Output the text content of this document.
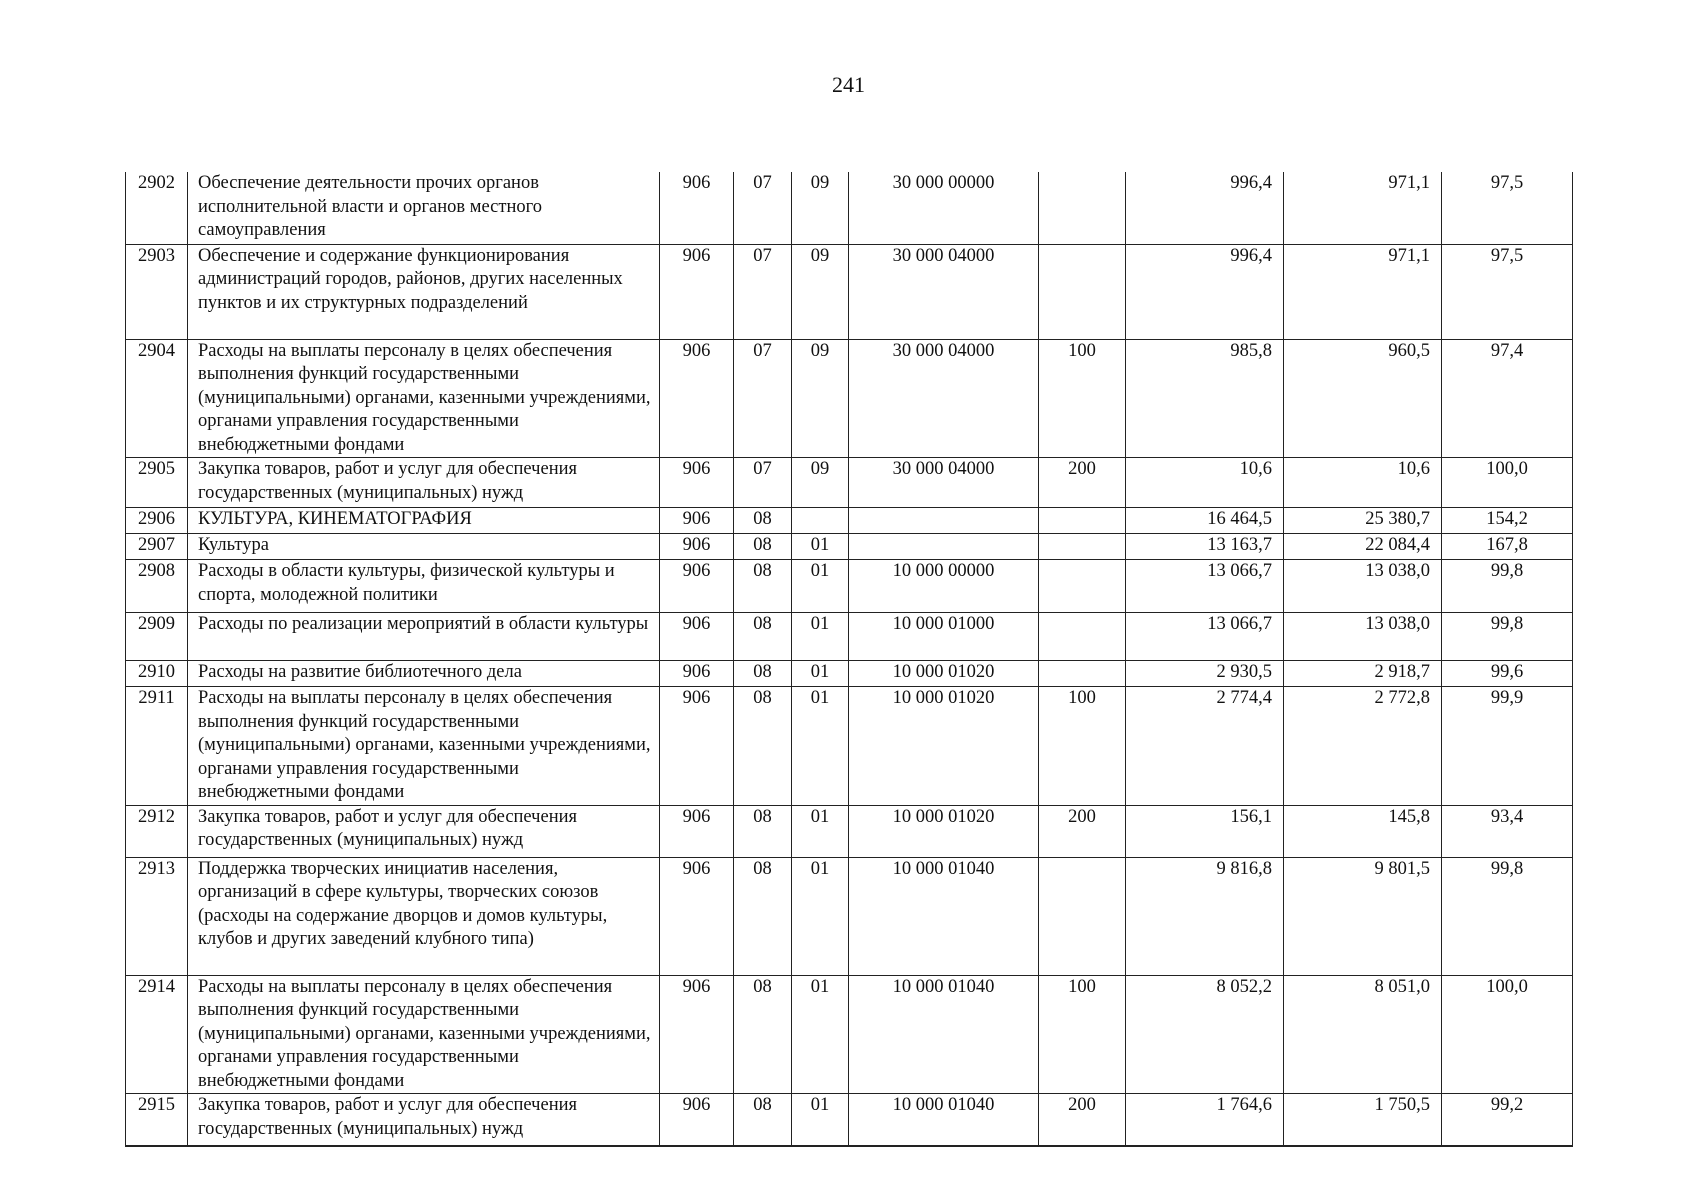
241
2902	Обеспечение деятельности прочих органов исполнительной власти и органов местного самоуправления	906	07	09	30 000 00000		996,4	971,1	97,5
2903	Обеспечение и содержание функционирования администраций городов, районов, других населенных пунктов и их структурных подразделений	906	07	09	30 000 04000		996,4	971,1	97,5
2904	Расходы на выплаты персоналу в целях обеспечения выполнения функций государственными (муниципальными) органами, казенными учреждениями, органами управления государственными внебюджетными фондами	906	07	09	30 000 04000	100	985,8	960,5	97,4
2905	Закупка товаров, работ и услуг для обеспечения государственных (муниципальных) нужд	906	07	09	30 000 04000	200	10,6	10,6	100,0
2906	КУЛЬТУРА, КИНЕМАТОГРАФИЯ	906	08				16 464,5	25 380,7	154,2
2907	Культура	906	08	01			13 163,7	22 084,4	167,8
2908	Расходы в области культуры, физической культуры и спорта, молодежной политики	906	08	01	10 000 00000		13 066,7	13 038,0	99,8
2909	Расходы по реализации мероприятий в области культуры	906	08	01	10 000 01000		13 066,7	13 038,0	99,8
2910	Расходы на развитие библиотечного дела	906	08	01	10 000 01020		2 930,5	2 918,7	99,6
2911	Расходы на выплаты персоналу в целях обеспечения выполнения функций государственными (муниципальными) органами, казенными учреждениями, органами управления государственными внебюджетными фондами	906	08	01	10 000 01020	100	2 774,4	2 772,8	99,9
2912	Закупка товаров, работ и услуг для обеспечения государственных (муниципальных) нужд	906	08	01	10 000 01020	200	156,1	145,8	93,4
2913	Поддержка творческих инициатив населения, организаций в сфере культуры, творческих союзов (расходы на содержание дворцов и домов культуры, клубов и других заведений клубного типа)	906	08	01	10 000 01040		9 816,8	9 801,5	99,8
2914	Расходы на выплаты персоналу в целях обеспечения выполнения функций государственными (муниципальными) органами, казенными учреждениями, органами управления государственными внебюджетными фондами	906	08	01	10 000 01040	100	8 052,2	8 051,0	100,0
2915	Закупка товаров, работ и услуг для обеспечения государственных (муниципальных) нужд	906	08	01	10 000 01040	200	1 764,6	1 750,5	99,2
